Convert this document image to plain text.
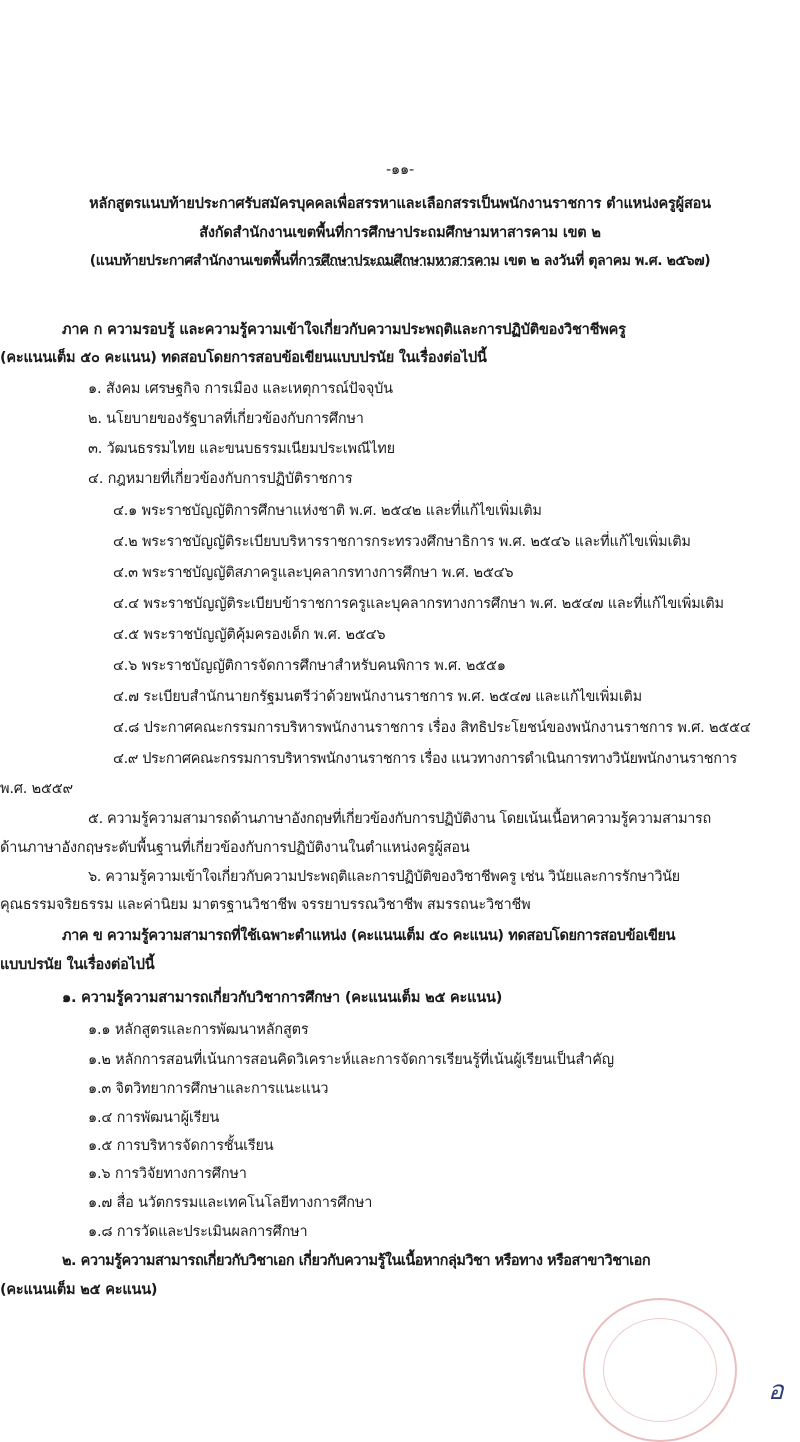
-๑๑-
หลักสูตรแนบท้ายประกาศรับสมัครบุคคลเพื่อสรรหาและเลือกสรรเป็นพนักงานราชการ ตำแหน่งครูผู้สอน
สังกัดสำนักงานเขตพื้นที่การศึกษาประถมศึกษามหาสารคาม เขต ๒
(แนบท้ายประกาศสำนักงานเขตพื้นที่การศึกษาประถมศึกษามหาสารคาม เขต ๒ ลงวันที่ ตุลาคม พ.ศ. ๒๕๖๗)
ภาค ก ความรอบรู้ และความรู้ความเข้าใจเกี่ยวกับความประพฤติและการปฏิบัติของวิชาชีพครู
(คะแนนเต็ม ๕๐ คะแนน) ทดสอบโดยการสอบข้อเขียนแบบปรนัย ในเรื่องต่อไปนี้
๑. สังคม เศรษฐกิจ การเมือง และเหตุการณ์ปัจจุบัน
๒. นโยบายของรัฐบาลที่เกี่ยวข้องกับการศึกษา
๓. วัฒนธรรมไทย และขนบธรรมเนียมประเพณีไทย
๔. กฎหมายที่เกี่ยวข้องกับการปฏิบัติราชการ
๔.๑ พระราชบัญญัติการศึกษาแห่งชาติ พ.ศ. ๒๕๔๒ และที่แก้ไขเพิ่มเติม
๔.๒ พระราชบัญญัติระเบียบบริหารราชการกระทรวงศึกษาธิการ พ.ศ. ๒๕๔๖ และที่แก้ไขเพิ่มเติม
๔.๓ พระราชบัญญัติสภาครูและบุคลากรทางการศึกษา พ.ศ. ๒๕๔๖
๔.๔ พระราชบัญญัติระเบียบข้าราชการครูและบุคลากรทางการศึกษา พ.ศ. ๒๕๔๗ และที่แก้ไขเพิ่มเติม
๔.๕ พระราชบัญญัติคุ้มครองเด็ก พ.ศ. ๒๕๔๖
๔.๖ พระราชบัญญัติการจัดการศึกษาสำหรับคนพิการ พ.ศ. ๒๕๕๑
๔.๗ ระเบียบสำนักนายกรัฐมนตรีว่าด้วยพนักงานราชการ พ.ศ. ๒๕๔๗ และแก้ไขเพิ่มเติม
๔.๘ ประกาศคณะกรรมการบริหารพนักงานราชการ เรื่อง สิทธิประโยชน์ของพนักงานราชการ พ.ศ. ๒๕๕๔
๔.๙ ประกาศคณะกรรมการบริหารพนักงานราชการ เรื่อง แนวทางการดำเนินการทางวินัยพนักงานราชการ
พ.ศ. ๒๕๕๙
๕. ความรู้ความสามารถด้านภาษาอังกฤษที่เกี่ยวข้องกับการปฏิบัติงาน โดยเน้นเนื้อหาความรู้ความสามารถ
ด้านภาษาอังกฤษระดับพื้นฐานที่เกี่ยวข้องกับการปฏิบัติงานในตำแหน่งครูผู้สอน
๖. ความรู้ความเข้าใจเกี่ยวกับความประพฤติและการปฏิบัติของวิชาชีพครู เช่น วินัยและการรักษาวินัย
คุณธรรมจริยธรรม และค่านิยม มาตรฐานวิชาชีพ จรรยาบรรณวิชาชีพ สมรรถนะวิชาชีพ
ภาค ข ความรู้ความสามารถที่ใช้เฉพาะตำแหน่ง (คะแนนเต็ม ๕๐ คะแนน) ทดสอบโดยการสอบข้อเขียน
แบบปรนัย ในเรื่องต่อไปนี้
๑. ความรู้ความสามารถเกี่ยวกับวิชาการศึกษา (คะแนนเต็ม ๒๕ คะแนน)
๑.๑ หลักสูตรและการพัฒนาหลักสูตร
๑.๒ หลักการสอนที่เน้นการสอนคิดวิเคราะห์และการจัดการเรียนรู้ที่เน้นผู้เรียนเป็นสำคัญ
๑.๓ จิตวิทยาการศึกษาและการแนะแนว
๑.๔ การพัฒนาผู้เรียน
๑.๕ การบริหารจัดการชั้นเรียน
๑.๖ การวิจัยทางการศึกษา
๑.๗ สื่อ นวัตกรรมและเทคโนโลยีทางการศึกษา
๑.๘ การวัดและประเมินผลการศึกษา
๒. ความรู้ความสามารถเกี่ยวกับวิชาเอก เกี่ยวกับความรู้ในเนื้อหากลุ่มวิชา หรือทาง หรือสาขาวิชาเอก
(คะแนนเต็ม ๒๕ คะแนน)
อ
